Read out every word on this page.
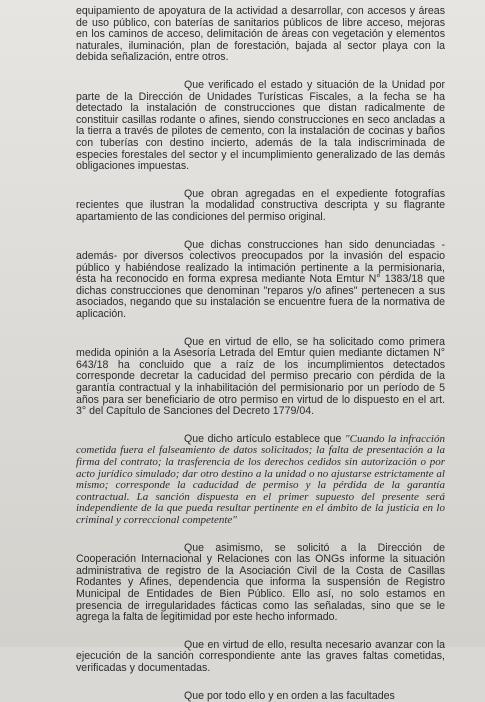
equipamiento de apoyatura de la actividad a desarrollar, con accesos y áreas de uso público, con baterías de sanitarios públicos de libre acceso, mejoras en los caminos de acceso, delimitación de áreas con vegetación y elementos naturales, iluminación, plan de forestación, bajada al sector playa con la debida señalización, entre otros.

Que verificado el estado y situación de la Unidad por parte de la Dirección de Unidades Turísticas Fiscales, a la fecha se ha detectado la instalación de construcciones que distan radicalmente de constituir casillas rodante o afines, siendo construcciones en seco ancladas a la tierra a través de pilotes de cemento, con la instalación de cocinas y baños con tuberías con destino incierto, además de la tala indiscriminada de especies forestales del sector y el incumplimiento generalizado de las demás obligaciones impuestas.

Que obran agregadas en el expediente fotografías recientes que ilustran la modalidad constructiva descripta y su flagrante apartamiento de las condiciones del permiso original.

Que dichas construcciones han sido denunciadas -además- por diversos colectivos preocupados por la invasión del espacio público y habiéndose realizado la intimación pertinente a la permisionaria, ésta ha reconocido en forma expresa mediante Nota Emtur N° 1383/18 que dichas construcciones que denominan "reparos y/o afines" pertenecen a sus asociados, negando que su instalación se encuentre fuera de la normativa de aplicación.

Que en virtud de ello, se ha solicitado como primera medida opinión a la Asesoría Letrada del Emtur quien mediante dictamen N° 643/18 ha concluido que a raíz de los incumplimientos detectados corresponde decretar la caducidad del permiso precario con pérdida de la garantía contractual y la inhabilitación del permisionario por un período de 5 años para ser beneficiario de otro permiso en virtud de lo dispuesto en el art. 3° del Capítulo de Sanciones del Decreto 1779/04.

Que dicho artículo establece que "Cuando la infracción cometida fuera el falseamiento de datos solicitados; la falta de presentación a la firma del contrato; la trasferencia de los derechos cedidos sin autorización o por acto jurídico simulado; dar otro destino a la unidad o no ajustarse estrictamente al mismo; corresponde la caducidad de permiso y la pérdida de la garantía contractual. La sanción dispuesta en el primer supuesto del presente será independiente de la que pueda resultar pertinente en el ámbito de la justicia en lo criminal y correccional competente"

Que asimismo, se solicitó a la Dirección de Cooperación Internacional y Relaciones con las ONGs informe la situación administrativa de registro de la Asociación Civil de la Costa de Casillas Rodantes y Afines, dependencia que informa la suspensión de Registro Municipal de Entidades de Bien Público. Ello así, no solo estamos en presencia de irregularidades fácticas como las señaladas, sino que se le agrega la falta de legitimidad por este hecho informado.

Que en virtud de ello, resulta necesario avanzar con la ejecución de la sanción correspondiente ante las graves faltas cometidas, verificadas y documentadas.

Que por todo ello y en orden a las facultades
